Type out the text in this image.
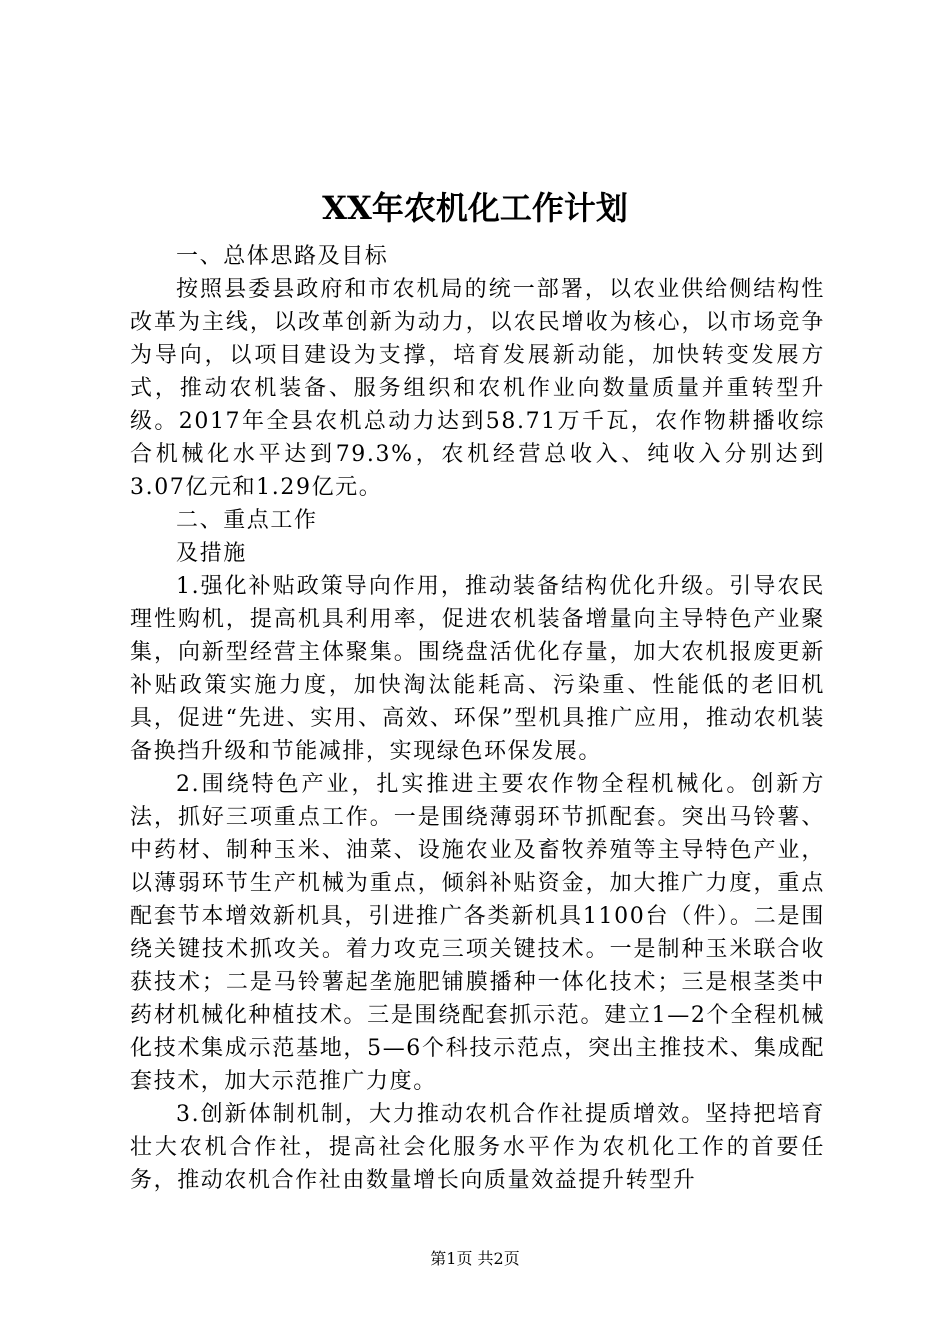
XX年农机化工作计划

一、总体思路及目标

按照县委县政府和市农机局的统一部署，以农业供给侧结构性改革为主线，以改革创新为动力，以农民增收为核心，以市场竞争为导向，以项目建设为支撑，培育发展新动能，加快转变发展方式，推动农机装备、服务组织和农机作业向数量质量并重转型升级。2017年全县农机总动力达到58.71万千瓦，农作物耕播收综合机械化水平达到79.3%，农机经营总收入、纯收入分别达到3.07亿元和1.29亿元。

二、重点工作

及措施

1.强化补贴政策导向作用，推动装备结构优化升级。引导农民理性购机，提高机具利用率，促进农机装备增量向主导特色产业聚集，向新型经营主体聚集。围绕盘活优化存量，加大农机报废更新补贴政策实施力度，加快淘汰能耗高、污染重、性能低的老旧机具，促进“先进、实用、高效、环保”型机具推广应用，推动农机装备换挡升级和节能减排，实现绿色环保发展。

2.围绕特色产业，扎实推进主要农作物全程机械化。创新方法，抓好三项重点工作。一是围绕薄弱环节抓配套。突出马铃薯、中药材、制种玉米、油菜、设施农业及畜牧养殖等主导特色产业，以薄弱环节生产机械为重点，倾斜补贴资金，加大推广力度，重点配套节本增效新机具，引进推广各类新机具1100台（件）。二是围绕关键技术抓攻关。着力攻克三项关键技术。一是制种玉米联合收获技术；二是马铃薯起垄施肥铺膜播种一体化技术；三是根茎类中药材机械化种植技术。三是围绕配套抓示范。建立1—2个全程机械化技术集成示范基地，5—6个科技示范点，突出主推技术、集成配套技术，加大示范推广力度。

3.创新体制机制，大力推动农机合作社提质增效。坚持把培育壮大农机合作社，提高社会化服务水平作为农机化工作的首要任务，推动农机合作社由数量增长向质量效益提升转型升

第1页 共2页
